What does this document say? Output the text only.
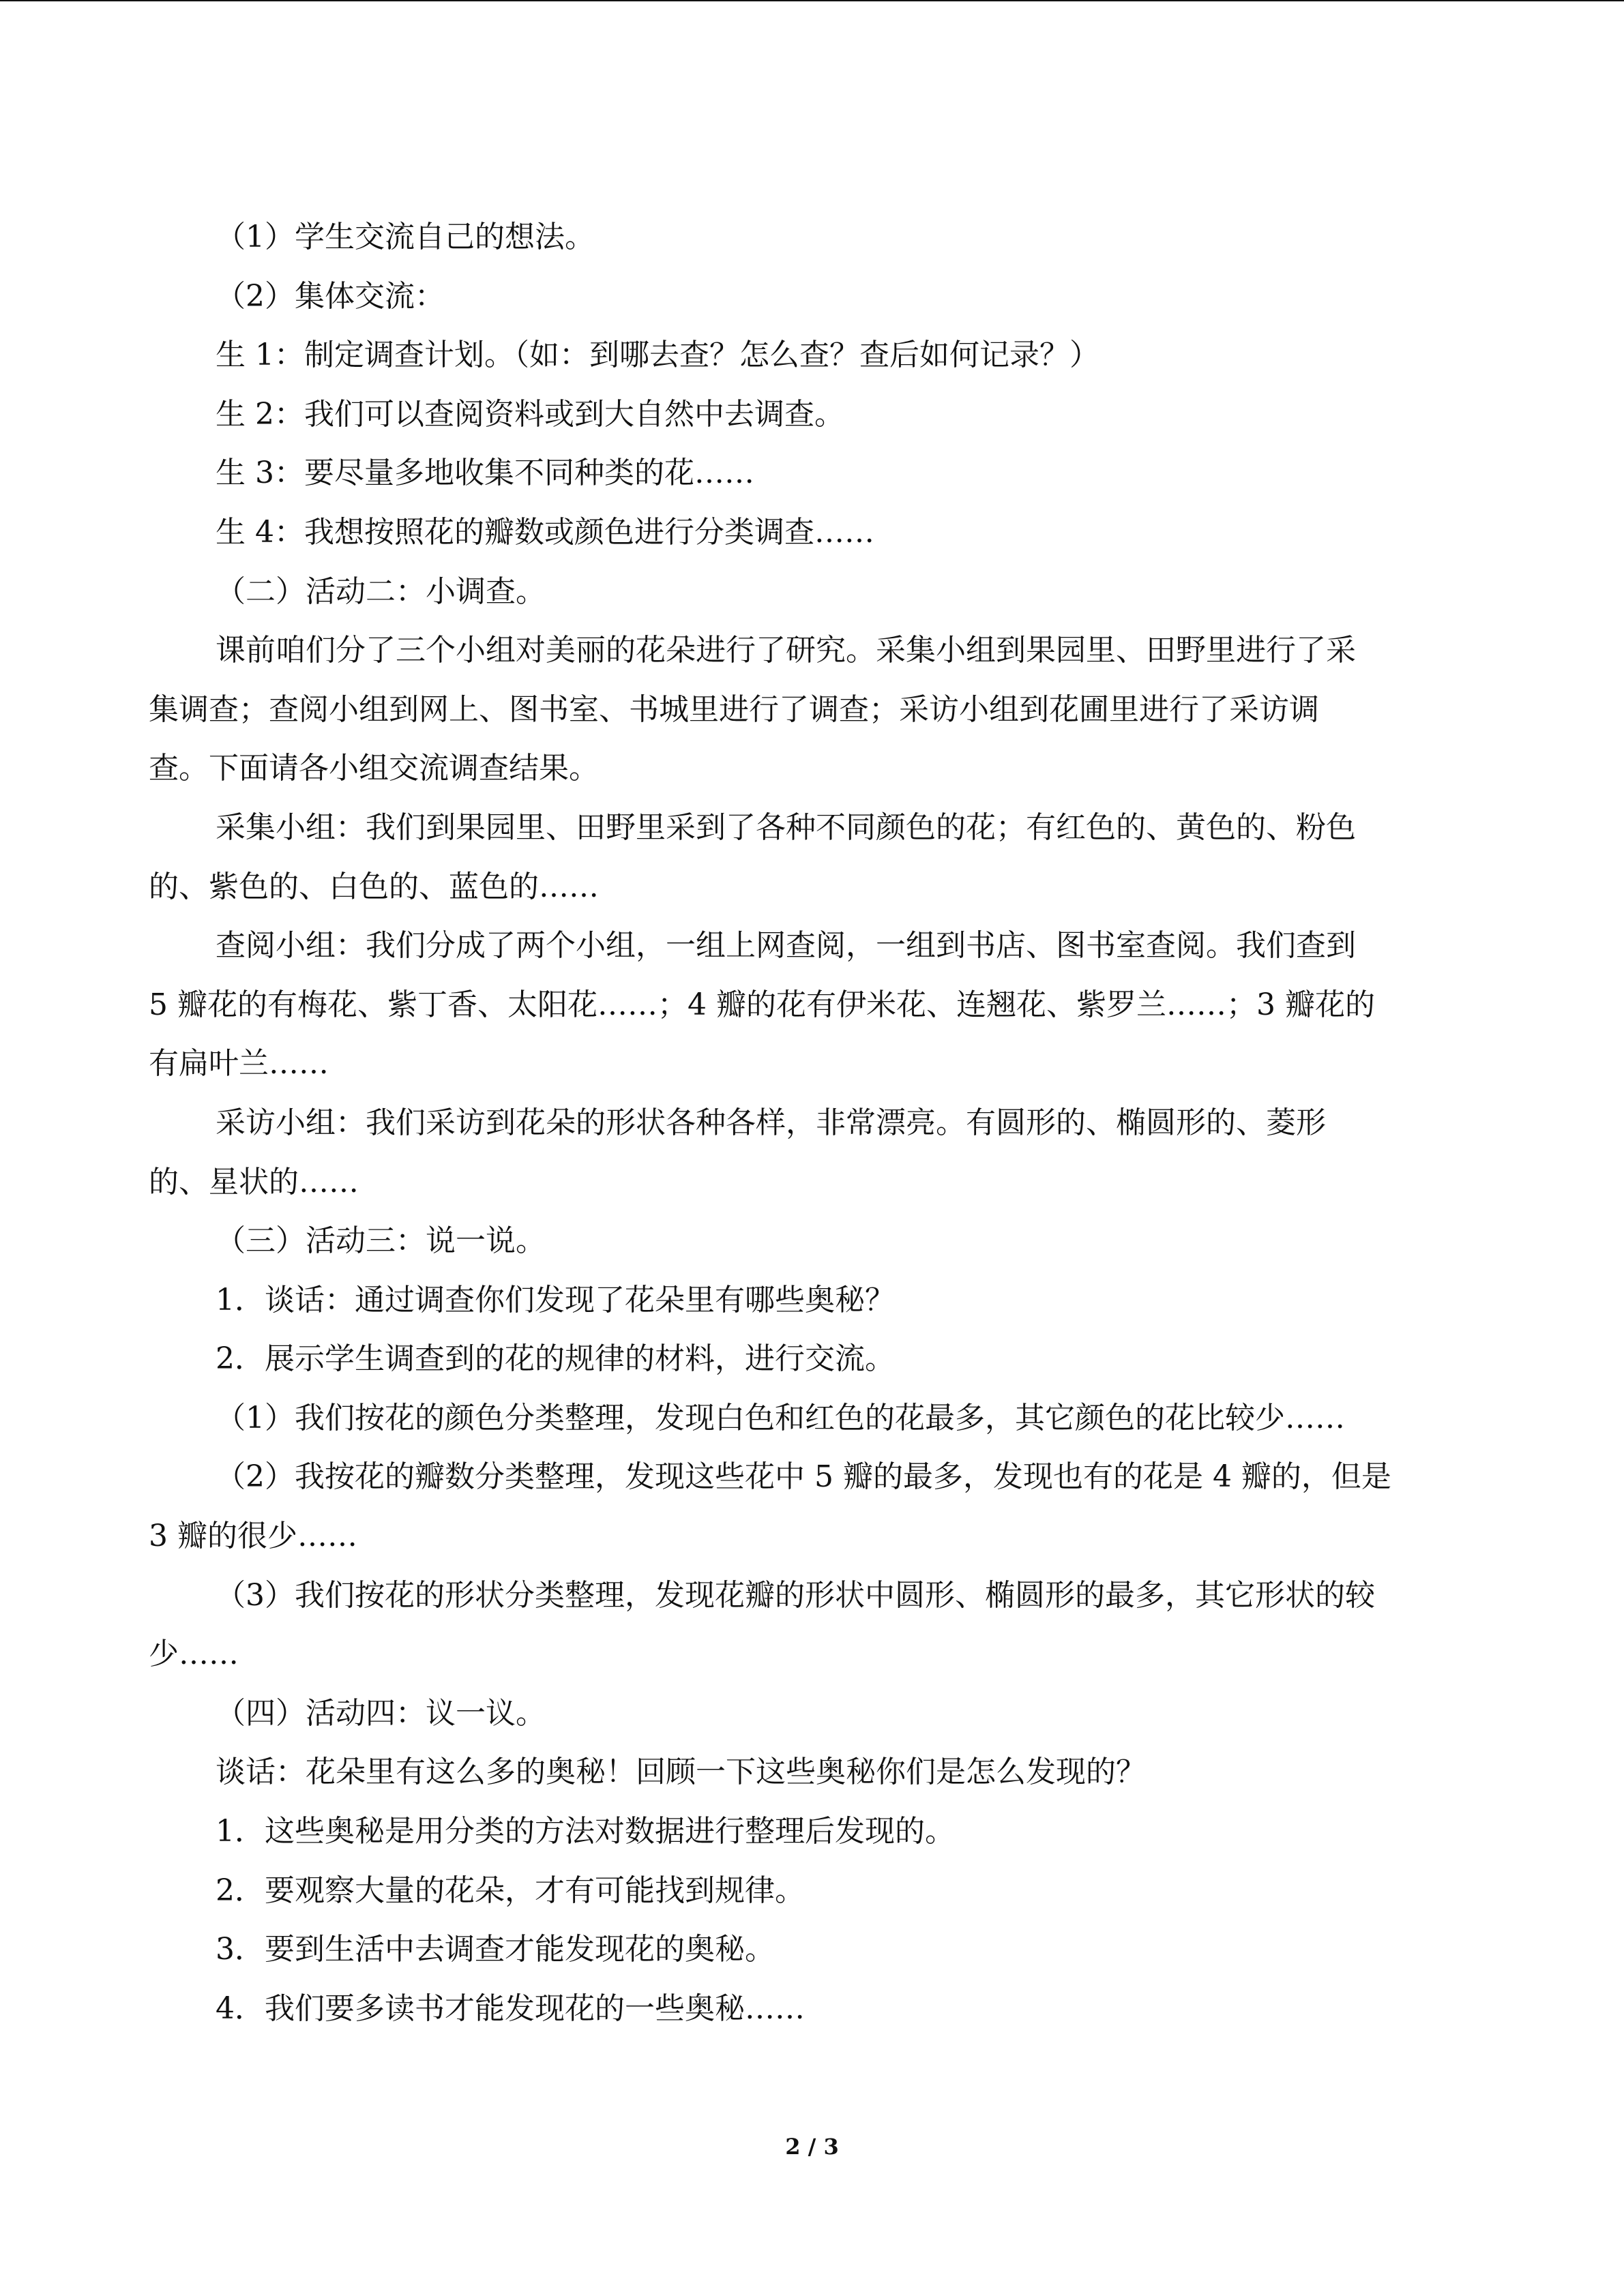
（1）学生交流自己的想法。

（2）集体交流：

生 1：制定调查计划。（如：到哪去查？怎么查？查后如何记录？）

生 2：我们可以查阅资料或到大自然中去调查。

生 3：要尽量多地收集不同种类的花……

生 4：我想按照花的瓣数或颜色进行分类调查……

（二）活动二：小调查。

课前咱们分了三个小组对美丽的花朵进行了研究。采集小组到果园里、田野里进行了采

集调查；查阅小组到网上、图书室、书城里进行了调查；采访小组到花圃里进行了采访调

查。下面请各小组交流调查结果。

采集小组：我们到果园里、田野里采到了各种不同颜色的花；有红色的、黄色的、粉色

的、紫色的、白色的、蓝色的……

查阅小组：我们分成了两个小组，一组上网查阅，一组到书店、图书室查阅。我们查到

5 瓣花的有梅花、紫丁香、太阳花……；4 瓣的花有伊米花、连翘花、紫罗兰……；3 瓣花的

有扁叶兰……

采访小组：我们采访到花朵的形状各种各样，非常漂亮。有圆形的、椭圆形的、菱形

的、星状的……

（三）活动三：说一说。

1．谈话：通过调查你们发现了花朵里有哪些奥秘？

2．展示学生调查到的花的规律的材料，进行交流。

（1）我们按花的颜色分类整理，发现白色和红色的花最多，其它颜色的花比较少……

（2）我按花的瓣数分类整理，发现这些花中 5 瓣的最多，发现也有的花是 4 瓣的，但是

3 瓣的很少……

（3）我们按花的形状分类整理，发现花瓣的形状中圆形、椭圆形的最多，其它形状的较

少……

（四）活动四：议一议。

谈话：花朵里有这么多的奥秘！回顾一下这些奥秘你们是怎么发现的？

1．这些奥秘是用分类的方法对数据进行整理后发现的。

2．要观察大量的花朵，才有可能找到规律。

3．要到生活中去调查才能发现花的奥秘。

4．我们要多读书才能发现花的一些奥秘……

2 / 3
